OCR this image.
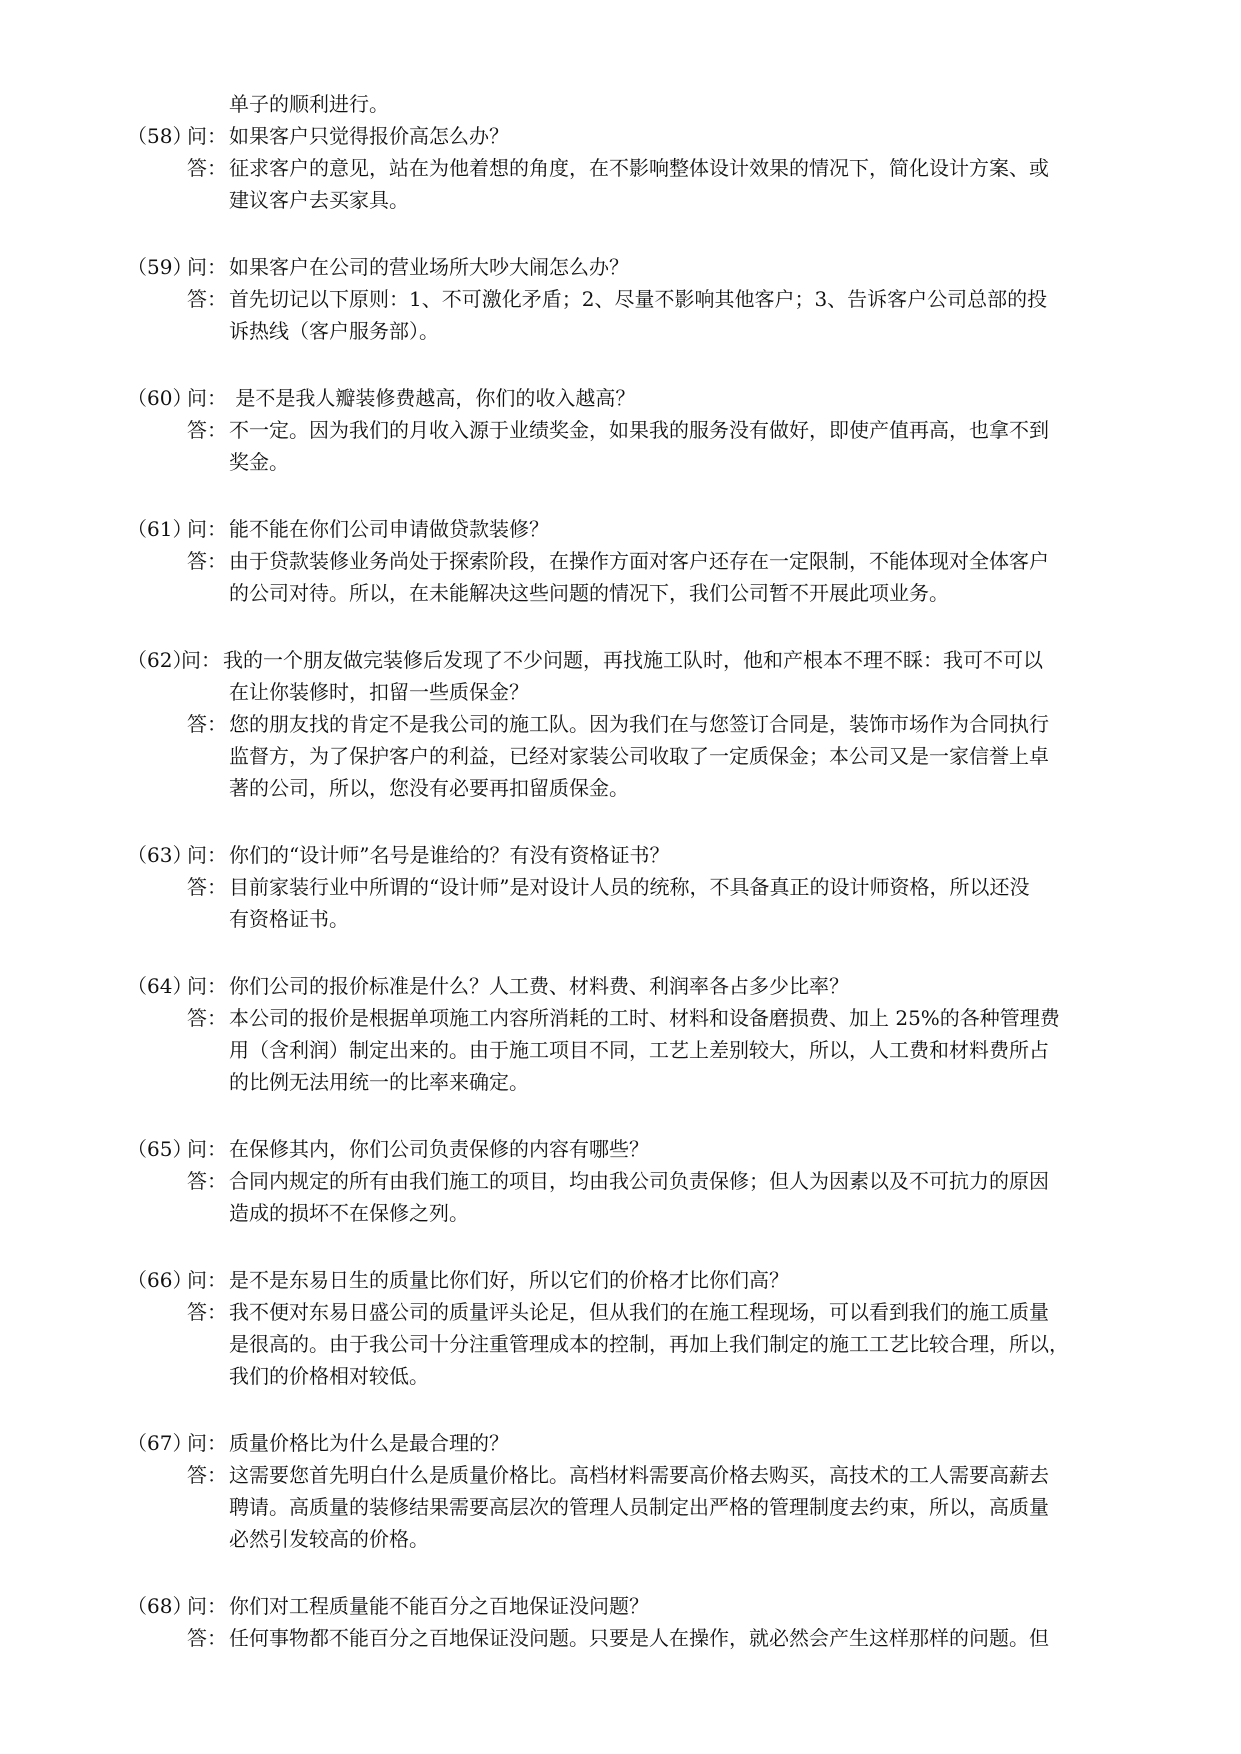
单子的顺利进行。
（58）问： 如果客户只觉得报价高怎么办？
答： 征求客户的意见，站在为他着想的角度，在不影响整体设计效果的情况下，简化设计方案、或
建议客户去买家具。
（59）问： 如果客户在公司的营业场所大吵大闹怎么办？
答： 首先切记以下原则：1、不可激化矛盾；2、尽量不影响其他客户；3、告诉客户公司总部的投
诉热线（客户服务部）。
（60）问： 是不是我人瓣装修费越高，你们的收入越高？
答： 不一定。因为我们的月收入源于业绩奖金，如果我的服务没有做好，即使产值再高，也拿不到
奖金。
（61）问： 能不能在你们公司申请做贷款装修？
答： 由于贷款装修业务尚处于探索阶段，在操作方面对客户还存在一定限制，不能体现对全体客户
的公司对待。所以，在未能解决这些问题的情况下，我们公司暂不开展此项业务。
（62）问： 我的一个朋友做完装修后发现了不少问题，再找施工队时，他和产根本不理不睬：我可不可以
在让你装修时，扣留一些质保金？
答： 您的朋友找的肯定不是我公司的施工队。因为我们在与您签订合同是，装饰市场作为合同执行
监督方，为了保护客户的利益，已经对家装公司收取了一定质保金；本公司又是一家信誉上卓
著的公司，所以，您没有必要再扣留质保金。
（63）问： 你们的“设计师”名号是谁给的？有没有资格证书？
答： 目前家装行业中所谓的“设计师”是对设计人员的统称，不具备真正的设计师资格，所以还没
有资格证书。
（64）问： 你们公司的报价标准是什么？人工费、材料费、利润率各占多少比率？
答： 本公司的报价是根据单项施工内容所消耗的工时、材料和设备磨损费、加上 25%的各种管理费
用（含利润）制定出来的。由于施工项目不同，工艺上差别较大，所以，人工费和材料费所占
的比例无法用统一的比率来确定。
（65）问： 在保修其内，你们公司负责保修的内容有哪些？
答： 合同内规定的所有由我们施工的项目，均由我公司负责保修；但人为因素以及不可抗力的原因
造成的损坏不在保修之列。
（66）问： 是不是东易日生的质量比你们好，所以它们的价格才比你们高？
答： 我不便对东易日盛公司的质量评头论足，但从我们的在施工程现场，可以看到我们的施工质量
是很高的。由于我公司十分注重管理成本的控制，再加上我们制定的施工工艺比较合理，所以，
我们的价格相对较低。
（67）问： 质量价格比为什么是最合理的？
答： 这需要您首先明白什么是质量价格比。高档材料需要高价格去购买，高技术的工人需要高薪去
聘请。高质量的装修结果需要高层次的管理人员制定出严格的管理制度去约束，所以，高质量
必然引发较高的价格。
（68）问： 你们对工程质量能不能百分之百地保证没问题？
答： 任何事物都不能百分之百地保证没问题。只要是人在操作，就必然会产生这样那样的问题。但
